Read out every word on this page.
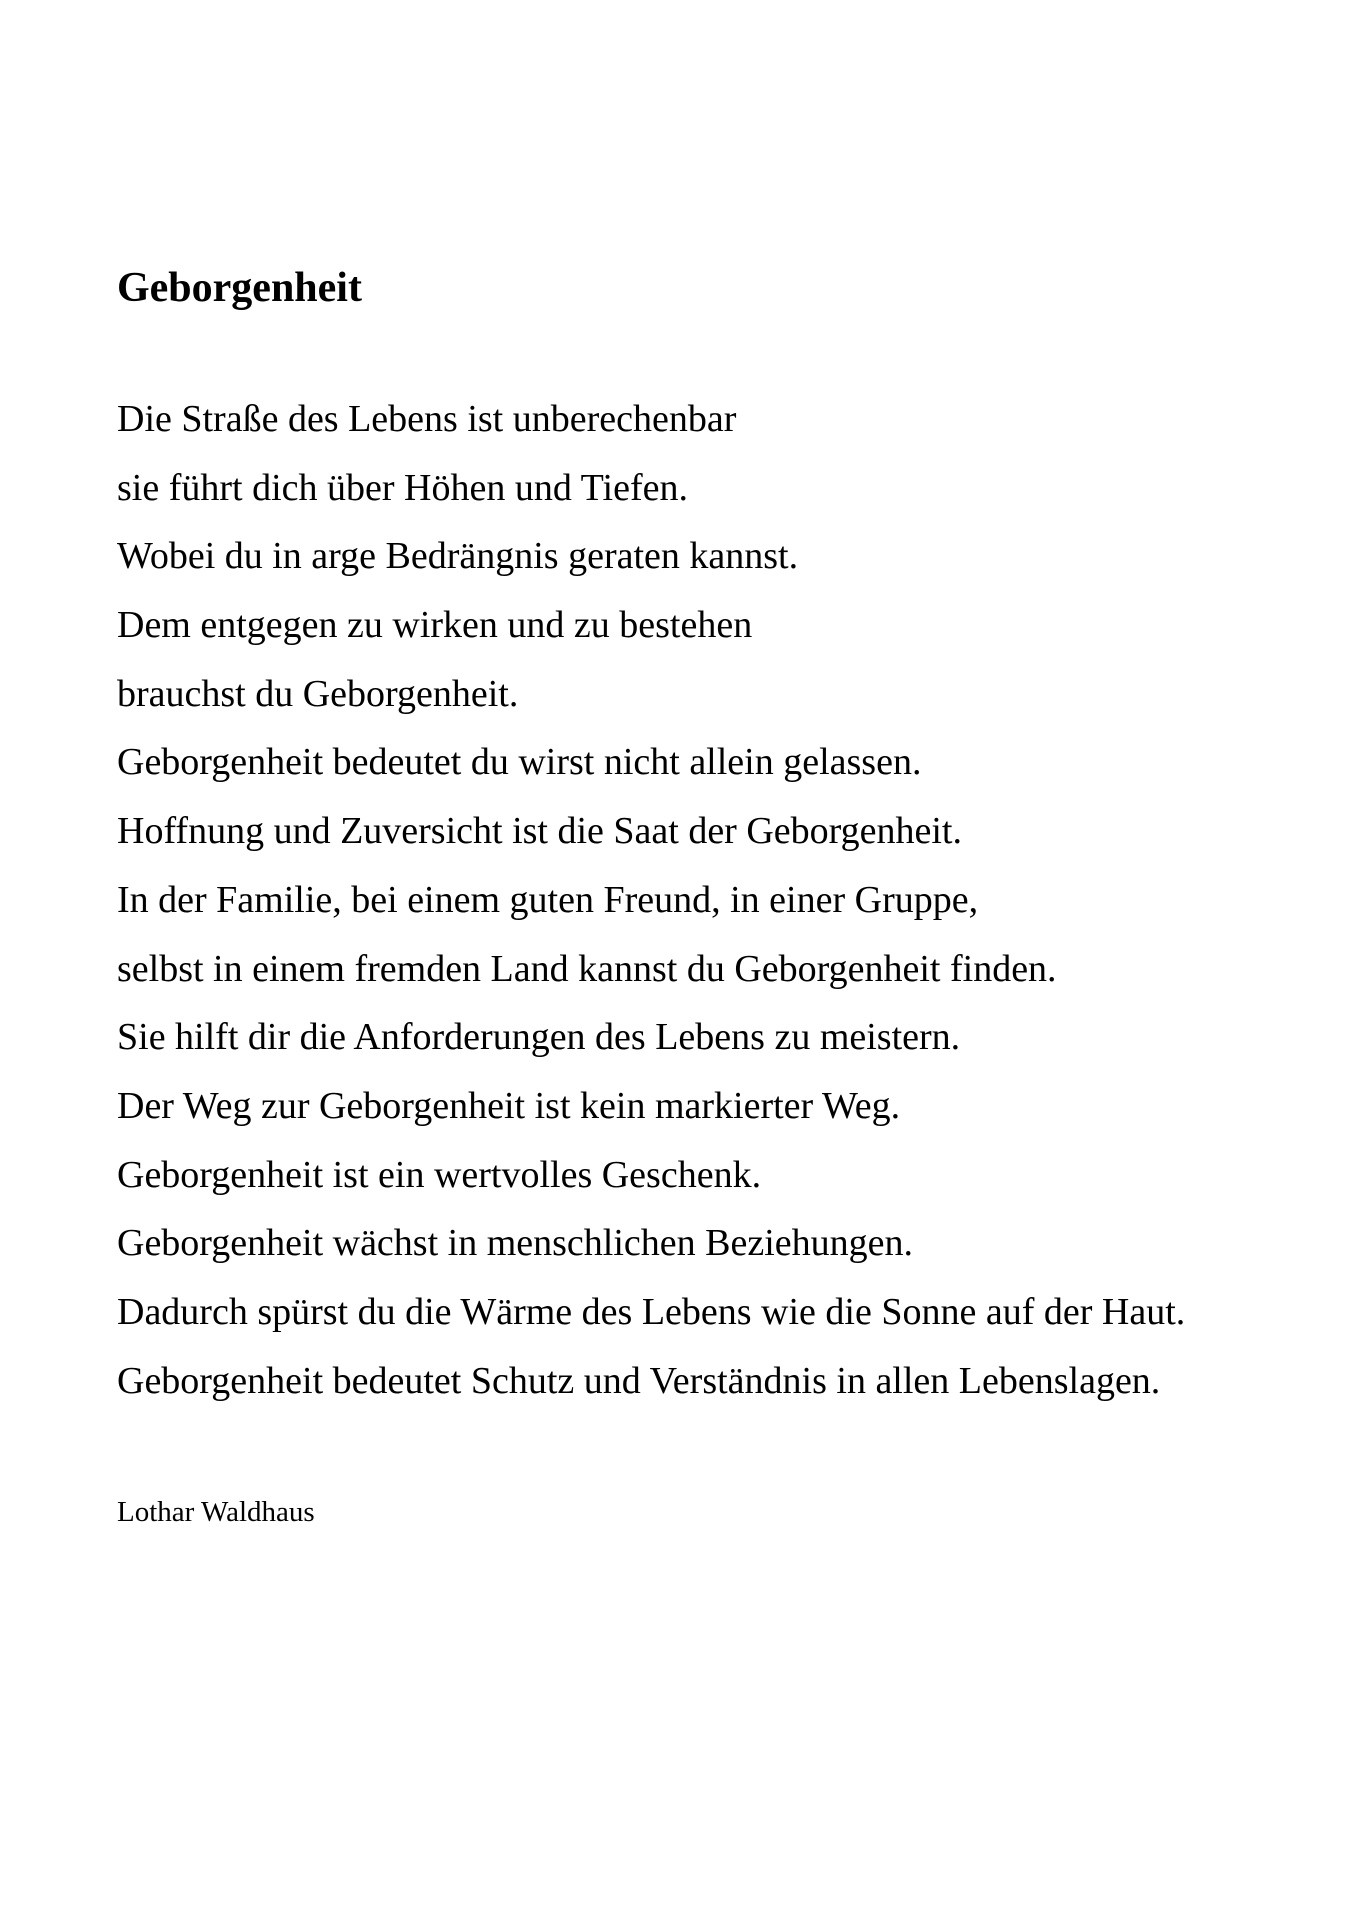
Geborgenheit
Die Straße des Lebens ist unberechenbar
sie führt dich über Höhen und Tiefen.
Wobei du in arge Bedrängnis geraten kannst.
Dem entgegen zu wirken und zu bestehen
brauchst du Geborgenheit.
Geborgenheit bedeutet du wirst nicht allein gelassen.
Hoffnung und Zuversicht ist die Saat der Geborgenheit.
In der Familie, bei einem guten Freund, in einer Gruppe,
selbst in einem fremden Land kannst du Geborgenheit finden.
Sie hilft dir die Anforderungen des Lebens zu meistern.
Der Weg zur Geborgenheit ist kein markierter Weg.
Geborgenheit ist ein wertvolles Geschenk.
Geborgenheit wächst in menschlichen Beziehungen.
Dadurch spürst du die Wärme des Lebens wie die Sonne auf der Haut.
Geborgenheit bedeutet Schutz und Verständnis in allen Lebenslagen.
Lothar Waldhaus
